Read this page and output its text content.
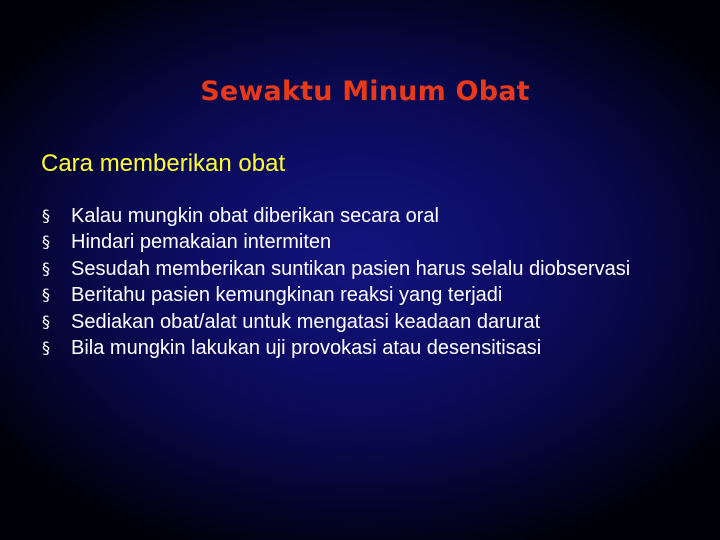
Sewaktu Minum Obat
Cara memberikan obat
§	Kalau mungkin obat diberikan secara oral
§	Hindari pemakaian intermiten
§	Sesudah memberikan suntikan pasien harus selalu diobservasi
§	Beritahu pasien kemungkinan reaksi yang terjadi
§	Sediakan obat/alat untuk mengatasi keadaan darurat
§	Bila mungkin lakukan uji provokasi atau desensitisasi
